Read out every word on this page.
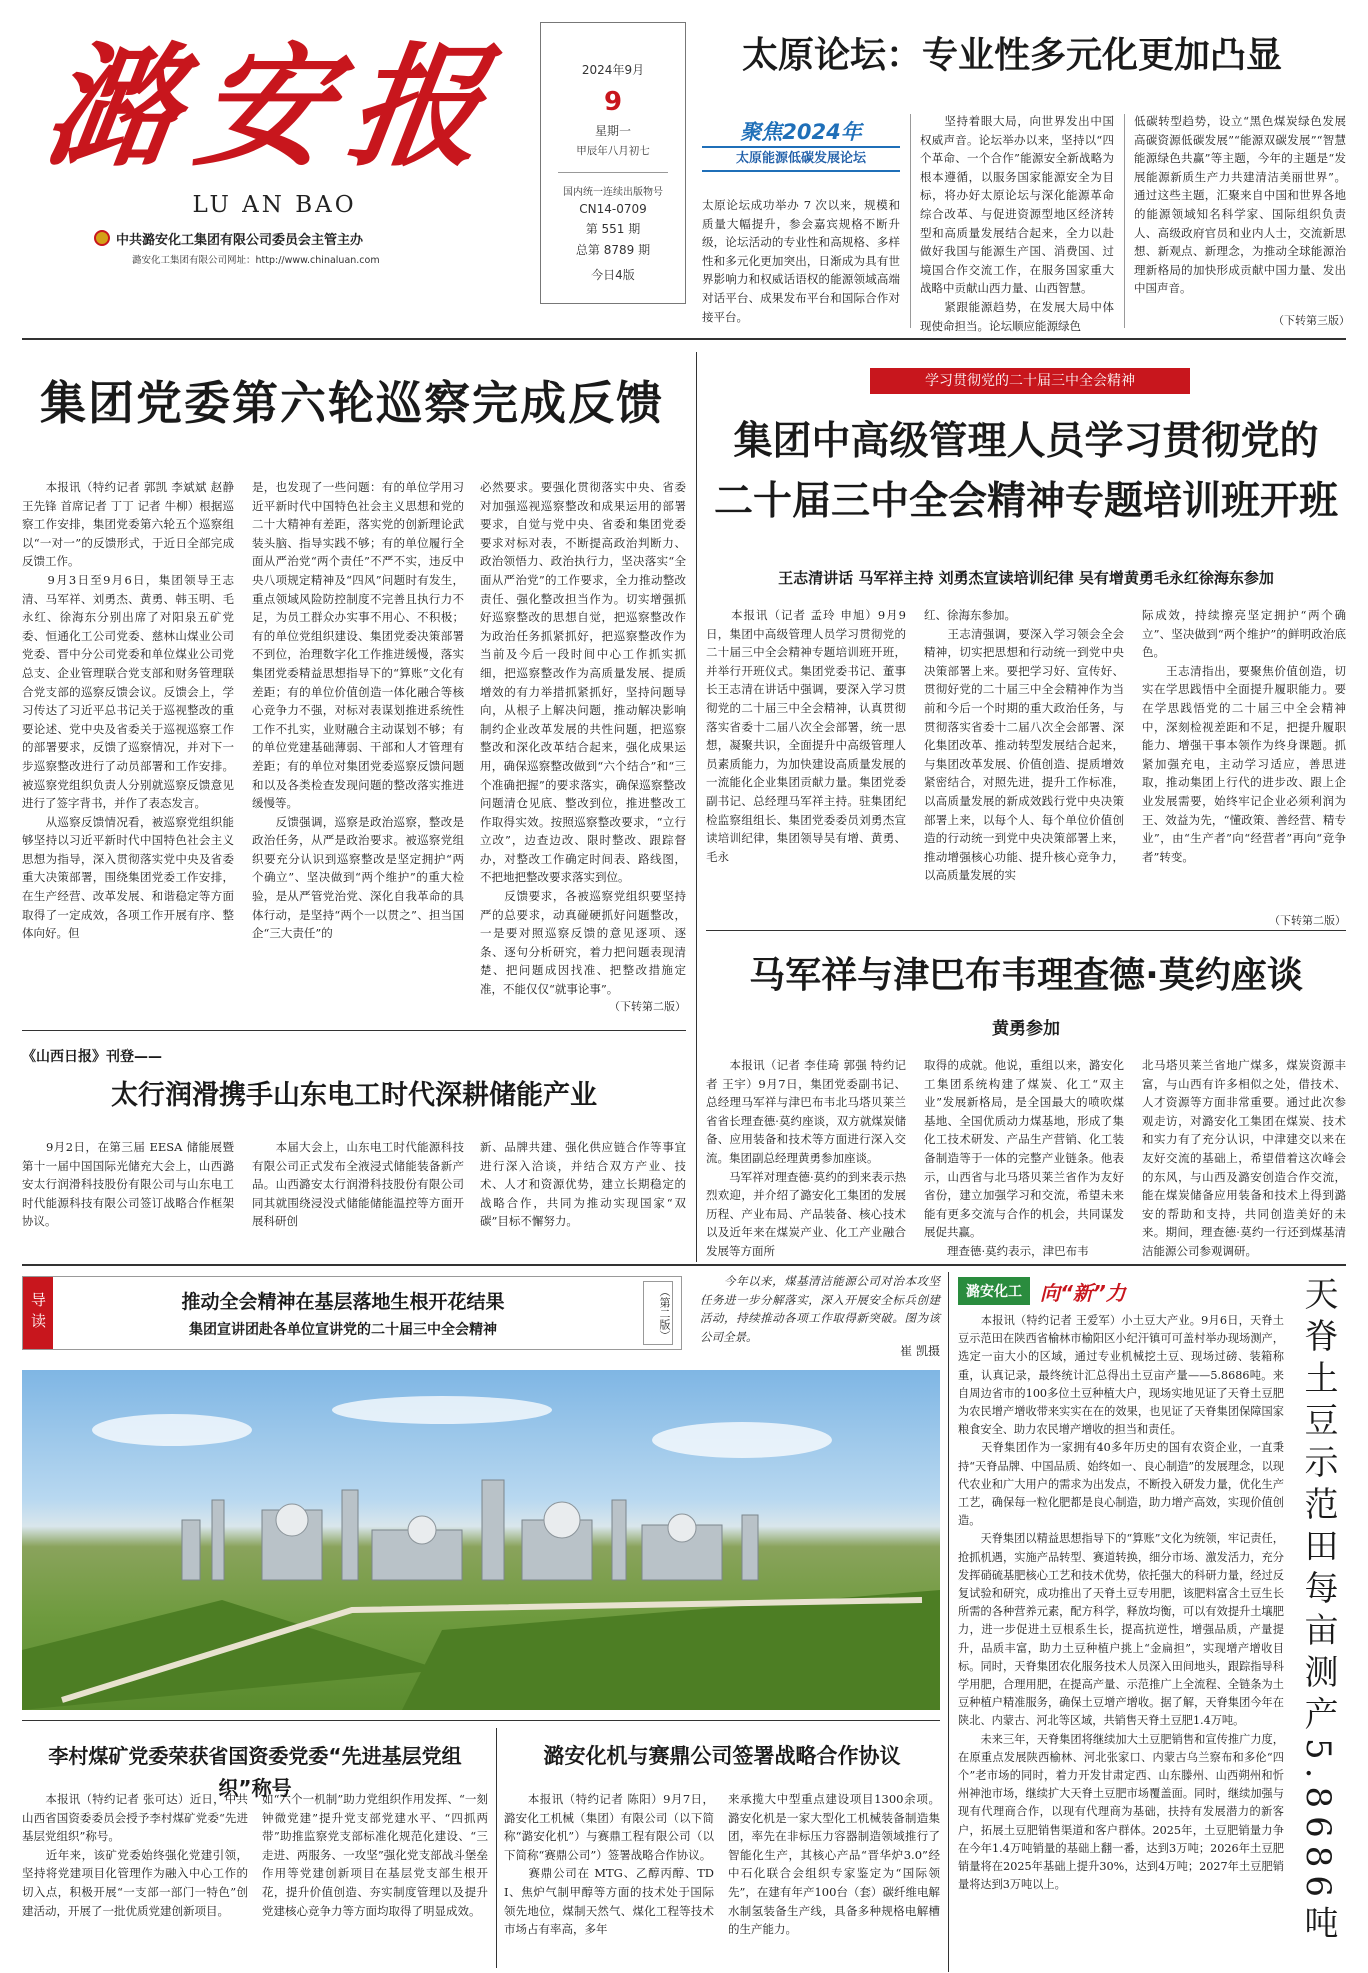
潞安报
LU AN BAO
中共潞安化工集团有限公司委员会主管主办
潞安化工集团有限公司网址：http://www.chinaluan.com
2024年9月
9
星期一
甲辰年八月初七
国内统一连续出版物号
CN14-0709
第 551 期
总第 8789 期
今日4版
太原论坛：专业性多元化更加凸显
聚焦2024年
太原能源低碳发展论坛
太原论坛成功举办 7 次以来，规模和质量大幅提升，参会嘉宾规格不断升级，论坛活动的专业性和高规格、多样性和多元化更加突出，日渐成为具有世界影响力和权威话语权的能源领域高端对话平台、成果发布平台和国际合作对接平台。
　　坚持着眼大局，向世界发出中国权威声音。论坛举办以来，坚持以“四个革命、一个合作”能源安全新战略为根本遵循，以服务国家能源安全为目标，将办好太原论坛与深化能源革命综合改革、与促进资源型地区经济转型和高质量发展结合起来，全力以赴做好我国与能源生产国、消费国、过境国合作交流工作，在服务国家重大战略中贡献山西力量、山西智慧。
　　紧跟能源趋势，在发展大局中体现使命担当。论坛顺应能源绿色
低碳转型趋势，设立“黑色煤炭绿色发展高碳资源低碳发展”“能源双碳发展”“智慧能源绿色共赢”等主题，今年的主题是“发展能源新质生产力共建清洁美丽世界”。通过这些主题，汇聚来自中国和世界各地的能源领域知名科学家、国际组织负责人、高级政府官员和业内人士，交流新思想、新观点、新理念，为推动全球能源治理新格局的加快形成贡献中国力量、发出中国声音。
（下转第三版）
集团党委第六轮巡察完成反馈
　　本报讯（特约记者 郭凯 李斌斌 赵静 王先锋 首席记者 丁丁 记者 牛柳）根据巡察工作安排，集团党委第六轮五个巡察组以“一对一”的反馈形式，于近日全部完成反馈工作。
　　9月3日至9月6日，集团领导王志清、马军祥、刘勇杰、黄勇、韩玉明、毛永红、徐海东分别出席了对阳泉五矿党委、恒通化工公司党委、慈林山煤业公司党委、晋中分公司党委和单位煤业公司党总支、企业管理联合党支部和财务管理联合党支部的巡察反馈会议。反馈会上，学习传达了习近平总书记关于巡视整改的重要论述、党中央及省委关于巡视巡察工作的部署要求，反馈了巡察情况，并对下一步巡察整改进行了动员部署和工作安排。被巡察党组织负责人分别就巡察反馈意见进行了签字背书，并作了表态发言。
　　从巡察反馈情况看，被巡察党组织能够坚持以习近平新时代中国特色社会主义思想为指导，深入贯彻落实党中央及省委重大决策部署，围绕集团党委工作安排，在生产经营、改革发展、和谐稳定等方面取得了一定成效，各项工作开展有序、整体向好。但
是，也发现了一些问题：有的单位学用习近平新时代中国特色社会主义思想和党的二十大精神有差距，落实党的创新理论武装头脑、指导实践不够；有的单位履行全面从严治党“两个责任”不严不实，违反中央八项规定精神及“四风”问题时有发生，重点领域风险防控制度不完善且执行力不足，为员工群众办实事不用心、不积极；有的单位党组织建设、集团党委决策部署不到位，治理数字化工作推进缓慢，落实集团党委精益思想指导下的“算账”文化有差距；有的单位价值创造一体化融合等核心竞争力不强，对标对表谋划推进系统性工作不扎实，业财融合主动谋划不够；有的单位党建基础薄弱、干部和人才管理有差距；有的单位对集团党委巡察反馈问题和以及各类检查发现问题的整改落实推进缓慢等。
　　反馈强调，巡察是政治巡察，整改是政治任务，从严是政治要求。被巡察党组织要充分认识到巡察整改是坚定拥护“两个确立”、坚决做到“两个维护”的重大检验，是从严管党治党、深化自我革命的具体行动，是坚持“两个一以贯之”、担当国企“三大责任”的
必然要求。要强化贯彻落实中央、省委对加强巡视巡察整改和成果运用的部署要求，自觉与党中央、省委和集团党委要求对标对表，不断提高政治判断力、政治领悟力、政治执行力，坚决落实“全面从严治党”的工作要求，全力推动整改责任、强化整改担当作为。切实增强抓好巡察整改的思想自觉，把巡察整改作为政治任务抓紧抓好，把巡察整改作为当前及今后一段时间中心工作抓实抓细，把巡察整改作为高质量发展、提质增效的有力举措抓紧抓好，坚持问题导向，从根子上解决问题，推动解决影响制约企业改革发展的共性问题，把巡察整改和深化改革结合起来，强化成果运用，确保巡察整改做到“六个结合”和“三个准确把握”的要求落实，确保巡察整改问题清仓见底、整改到位，推进整改工作取得实效。按照巡察整改要求，“立行立改”，边查边改、限时整改、跟踪督办，对整改工作确定时间表、路线图，不把地把整改要求落实到位。
　　反馈要求，各被巡察党组织要坚持严的总要求，动真碰硬抓好问题整改，一是要对照巡察反馈的意见逐项、逐条、逐句分析研究，着力把问题表现清楚、把问题成因找准、把整改措施定准，不能仅仅“就事论事”。
（下转第二版）
学习贯彻党的二十届三中全会精神
集团中高级管理人员学习贯彻党的
二十届三中全会精神专题培训班开班
王志清讲话 马军祥主持 刘勇杰宣读培训纪律 吴有增黄勇毛永红徐海东参加
　　本报讯（记者 孟玲 申旭）9月9日，集团中高级管理人员学习贯彻党的二十届三中全会精神专题培训班开班，并举行开班仪式。集团党委书记、董事长王志清在讲话中强调，要深入学习贯彻党的二十届三中全会精神，认真贯彻落实省委十二届八次全会部署，统一思想，凝聚共识，全面提升中高级管理人员素质能力，为加快建设高质量发展的一流能化企业集团贡献力量。集团党委副书记、总经理马军祥主持。驻集团纪检监察组组长、集团党委委员刘勇杰宣读培训纪律，集团领导吴有增、黄勇、毛永
红、徐海东参加。
　　王志清强调，要深入学习领会全会精神，切实把思想和行动统一到党中央决策部署上来。要把学习好、宣传好、贯彻好党的二十届三中全会精神作为当前和今后一个时期的重大政治任务，与贯彻落实省委十二届八次全会部署、深化集团改革、推动转型发展结合起来，与集团改革发展、价值创造、提质增效紧密结合，对照先进，提升工作标准，以高质量发展的新成效践行党中央决策部署上来，以每个人、每个单位价值创造的行动统一到党中央决策部署上来，推动增强核心功能、提升核心竞争力，以高质量发展的实
际成效，持续擦亮坚定拥护“两个确立”、坚决做到“两个维护”的鲜明政治底色。
　　王志清指出，要聚焦价值创造，切实在学思践悟中全面提升履职能力。要在学思践悟党的二十届三中全会精神中，深刻检视差距和不足，把提升履职能力、增强干事本领作为终身课题。抓紧加强充电，主动学习适应，善思进取，推动集团上行代的进步改、跟上企业发展需要，始终牢记企业必须利润为王、效益为先，“懂政策、善经营、精专业”，由“生产者”向“经营者”再向“竞争者”转变。
（下转第二版）
马军祥与津巴布韦理查德·莫约座谈
黄勇参加
　　本报讯（记者 李佳琦 郭强 特约记者 王宇）9月7日，集团党委副书记、总经理马军祥与津巴布韦北马塔贝莱兰省省长理查德·莫约座谈，双方就煤炭储备、应用装备和技术等方面进行深入交流。集团副总经理黄勇参加座谈。
　　马军祥对理查德·莫约的到来表示热烈欢迎，并介绍了潞安化工集团的发展历程、产业布局、产品装备、核心技术以及近年来在煤炭产业、化工产业融合发展等方面所
取得的成就。他说，重组以来，潞安化工集团系统构建了煤炭、化工“双主业”发展新格局，是全国最大的喷吹煤基地、全国优质动力煤基地，形成了集化工技术研发、产品生产营销、化工装备制造等于一体的完整产业链条。他表示，山西省与北马塔贝莱兰省作为友好省份，建立加强学习和交流，希望未来能有更多交流与合作的机会，共同谋发展促共赢。
　　理查德·莫约表示，津巴布韦
北马塔贝莱兰省地广煤多，煤炭资源丰富，与山西有许多相似之处，借技术、人才资源等方面非常重要。通过此次参观走访，对潞安化工集团在煤炭、技术和实力有了充分认识，中津建交以来在友好交流的基础上，希望借着这次峰会的东风，与山西及潞安创造合作交流，能在煤炭储备应用装备和技术上得到潞安的帮助和支持，共同创造美好的未来。期间，理查德·莫约一行还到煤基清洁能源公司参观调研。
《山西日报》刊登——
太行润滑携手山东电工时代深耕储能产业
　　9月2日，在第三届 EESA 储能展暨第十一届中国国际光储充大会上，山西潞安太行润滑科技股份有限公司与山东电工时代能源科技有限公司签订战略合作框架协议。
　　本届大会上，山东电工时代能源科技有限公司正式发布全液浸式储能装备新产品。山西潞安太行润滑科技股份有限公司同其就围绕浸没式储能储能温控等方面开展科研创
新、品牌共建、强化供应链合作等事宜进行深入洽谈，并结合双方产业、技术、人才和资源优势，建立长期稳定的战略合作，共同为推动实现国家“双碳”目标不懈努力。
导读	推动全会精神在基层落地生根开花结果
集团宣讲团赴各单位宣讲党的二十届三中全会精神	（第二版）
　　今年以来，煤基清洁能源公司对治本攻坚任务进一步分解落实，深入开展安全标兵创建活动，持续推动各项工作取得新突破。图为该公司全景。
崔 凯摄
潞安化工 向“新”力
　　本报讯（特约记者 王爱军）小土豆大产业。9月6日，天脊土豆示范田在陕西省榆林市榆阳区小纪汗镇可可盖村举办现场测产，选定一亩大小的区域，通过专业机械挖土豆、现场过磅、装箱称重，认真记录，最终统计汇总得出土豆亩产量——5.8686吨。来自周边省市的100多位土豆种植大户，现场实地见证了天脊土豆肥为农民增产增收带来实实在在的效果，也见证了天脊集团保障国家粮食安全、助力农民增产增收的担当和责任。
　　天脊集团作为一家拥有40多年历史的国有农资企业，一直秉持“天脊品牌、中国品质、始终如一、良心制造”的发展理念，以现代农业和广大用户的需求为出发点，不断投入研发力量，优化生产工艺，确保每一粒化肥都是良心制造，助力增产高效，实现价值创造。
　　天脊集团以精益思想指导下的“算账”文化为统领，牢记责任，抢抓机遇，实施产品转型、赛道转换，细分市场、激发活力，充分发挥硝硫基肥核心工艺和技术优势，依托强大的科研力量，经过反复试验和研究，成功推出了天脊土豆专用肥，该肥料富含土豆生长所需的各种营养元素，配方科学，释放均衡，可以有效提升土壤肥力，进一步促进土豆根系生长，提高抗逆性，增强品质，产量提升，品质丰富，助力土豆种植户挑上“金扁担”，实现增产增收目标。同时，天脊集团农化服务技术人员深入田间地头，跟踪指导科学用肥，合理用肥，在提高产量、示范推广上全流程、全链条为土豆种植户精准服务，确保土豆增产增收。据了解，天脊集团今年在陕北、内蒙古、河北等区域，共销售天脊土豆肥1.4万吨。
　　未来三年，天脊集团将继续加大土豆肥销售和宣传推广力度，在原重点发展陕西榆林、河北张家口、内蒙古乌兰察布和多伦“四个”老市场的同时，着力开发甘肃定西、山东滕州、山西朔州和忻州神池市场，继续扩大天脊土豆肥市场覆盖面。同时，继续加强与现有代理商合作，以现有代理商为基础，扶持有发展潜力的新客户，拓展土豆肥销售渠道和客户群体。2025年，土豆肥销量力争在今年1.4万吨销量的基础上翻一番，达到3万吨；2026年土豆肥销量将在2025年基础上提升30%，达到4万吨；2027年土豆肥销量将达到3万吨以上。	天脊土豆示范田每亩测产5.8686吨
李村煤矿党委荣获省国资委党委“先进基层党组织”称号
　　本报讯（特约记者 张可达）近日，中共山西省国资委委员会授予李村煤矿党委“先进基层党组织”称号。
　　近年来，该矿党委始终强化党建引领，坚持将党建项目化管理作为融入中心工作的切入点，积极开展“一支部一部门一特色”创建活动，开展了一批优质党建创新项目。
如“六个一机制”助力党组织作用发挥、“一刻钟微党建”提升党支部党建水平、“四抓两带”助推监察党支部标准化规范化建设、“三走进、两服务、一攻坚”强化党支部战斗堡垒作用等党建创新项目在基层党支部生根开花，提升价值创造、夯实制度管理以及提升党建核心竞争力等方面均取得了明显成效。
潞安化机与赛鼎公司签署战略合作协议
　　本报讯（特约记者 陈阳）9月7日，潞安化工机械（集团）有限公司（以下简称“潞安化机”）与赛鼎工程有限公司（以下简称“赛鼎公司”）签署战略合作协议。
　　赛鼎公司在 MTG、乙醇丙醇、TDI、焦炉气制甲醇等方面的技术处于国际领先地位，煤制天然气、煤化工程等技术市场占有率高，多年
来承揽大中型重点建设项目1300余项。潞安化机是一家大型化工机械装备制造集团，率先在非标压力容器制造领域推行了智能化生产，其核心产品“晋华炉3.0”经中石化联合会组织专家鉴定为“国际领先”，在建有年产100台（套）碳纤维电解水制氢装备生产线，具备多种规格电解槽的生产能力。
